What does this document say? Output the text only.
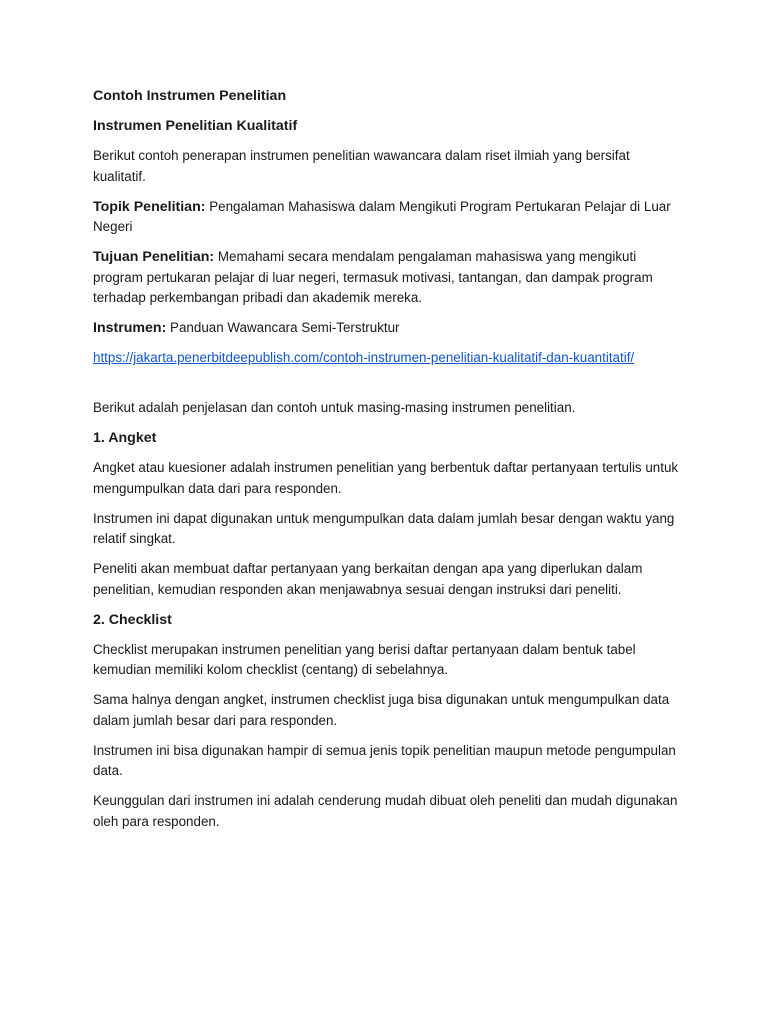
Contoh Instrumen Penelitian
Instrumen Penelitian Kualitatif

Berikut contoh penerapan instrumen penelitian wawancara dalam riset ilmiah yang bersifat kualitatif.

Topik Penelitian: Pengalaman Mahasiswa dalam Mengikuti Program Pertukaran Pelajar di Luar Negeri

Tujuan Penelitian: Memahami secara mendalam pengalaman mahasiswa yang mengikuti program pertukaran pelajar di luar negeri, termasuk motivasi, tantangan, dan dampak program terhadap perkembangan pribadi dan akademik mereka.

Instrumen: Panduan Wawancara Semi-Terstruktur

https://jakarta.penerbitdeepublish.com/contoh-instrumen-penelitian-kualitatif-dan-kuantitatif/

Berikut adalah penjelasan dan contoh untuk masing-masing instrumen penelitian.

1. Angket

Angket atau kuesioner adalah instrumen penelitian yang berbentuk daftar pertanyaan tertulis untuk mengumpulkan data dari para responden.

Instrumen ini dapat digunakan untuk mengumpulkan data dalam jumlah besar dengan waktu yang relatif singkat.

Peneliti akan membuat daftar pertanyaan yang berkaitan dengan apa yang diperlukan dalam penelitian, kemudian responden akan menjawabnya sesuai dengan instruksi dari peneliti.

2. Checklist

Checklist merupakan instrumen penelitian yang berisi daftar pertanyaan dalam bentuk tabel kemudian memiliki kolom checklist (centang) di sebelahnya.

Sama halnya dengan angket, instrumen checklist juga bisa digunakan untuk mengumpulkan data dalam jumlah besar dari para responden.

Instrumen ini bisa digunakan hampir di semua jenis topik penelitian maupun metode pengumpulan data.

Keunggulan dari instrumen ini adalah cenderung mudah dibuat oleh peneliti dan mudah digunakan oleh para responden.
